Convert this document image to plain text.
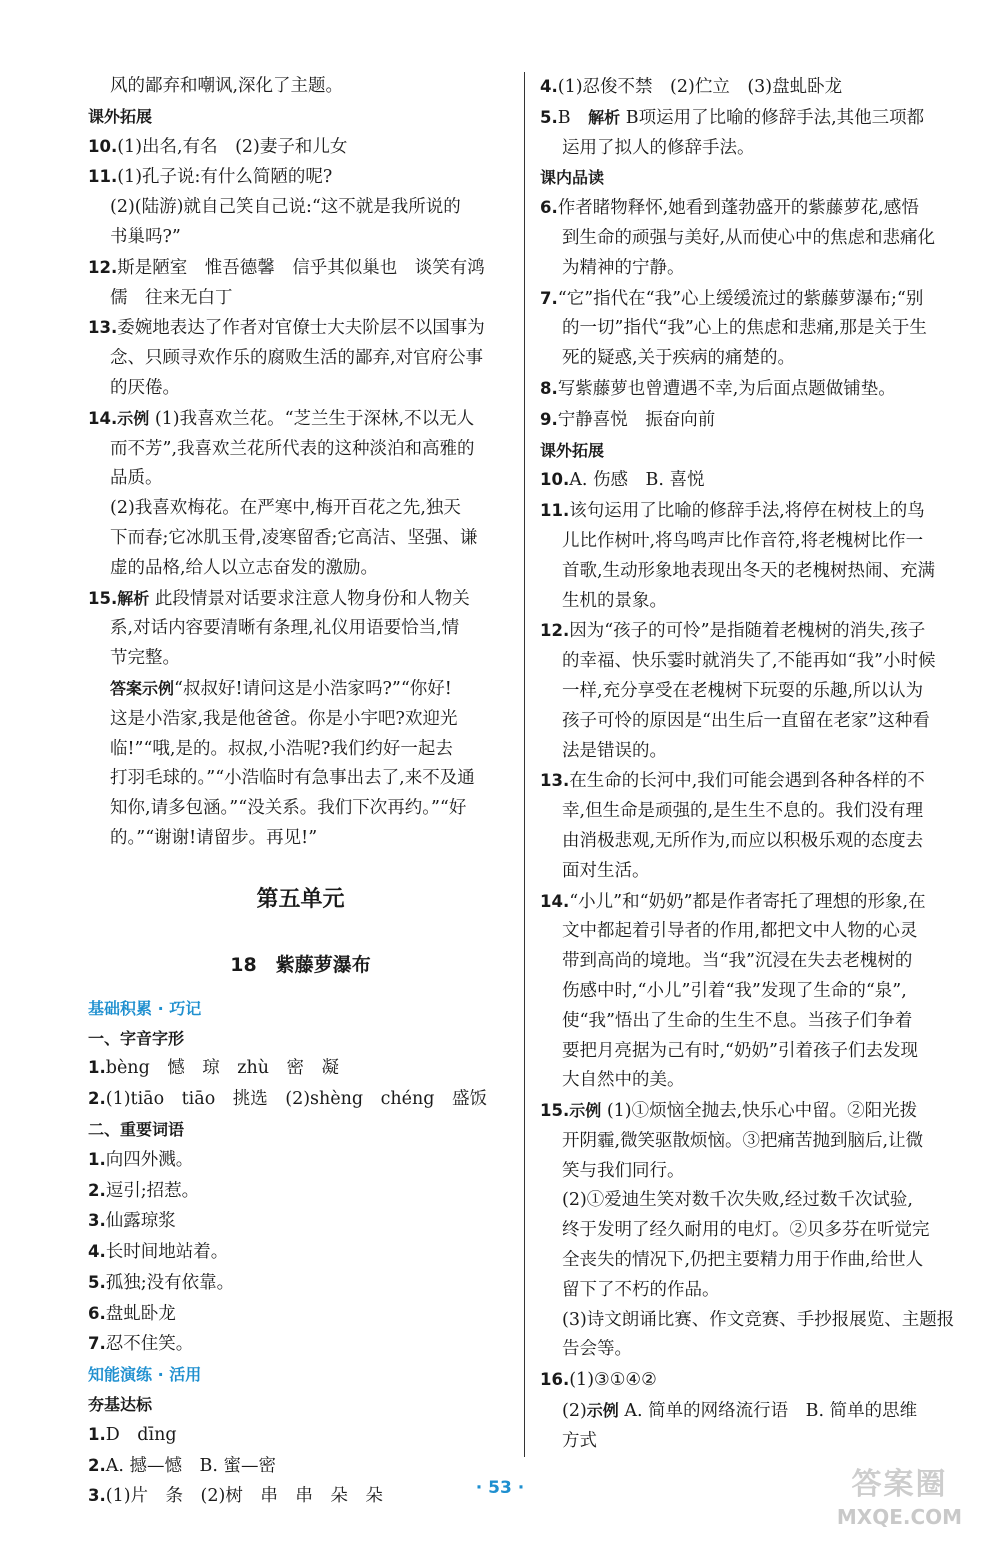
风的鄙弃和嘲讽,深化了主题。
课外拓展
10.(1)出名,有名　(2)妻子和儿女
11.(1)孔子说:有什么简陋的呢?
(2)(陆游)就自己笑自己说:“这不就是我所说的
书巢吗?”
12.斯是陋室　惟吾德馨　信乎其似巢也　谈笑有鸿
儒　往来无白丁
13.委婉地表达了作者对官僚士大夫阶层不以国事为
念、只顾寻欢作乐的腐败生活的鄙弃,对官府公事
的厌倦。
14.示例 (1)我喜欢兰花。“芝兰生于深林,不以无人
而不芳”,我喜欢兰花所代表的这种淡泊和高雅的
品质。
(2)我喜欢梅花。在严寒中,梅开百花之先,独天
下而春;它冰肌玉骨,凌寒留香;它高洁、坚强、谦
虚的品格,给人以立志奋发的激励。
15.解析 此段情景对话要求注意人物身份和人物关
系,对话内容要清晰有条理,礼仪用语要恰当,情
节完整。
答案示例“叔叔好!请问这是小浩家吗?”“你好!
这是小浩家,我是他爸爸。你是小宇吧?欢迎光
临!”“哦,是的。叔叔,小浩呢?我们约好一起去
打羽毛球的。”“小浩临时有急事出去了,来不及通
知你,请多包涵。”“没关系。我们下次再约。”“好
的。”“谢谢!请留步。再见!”
第五单元
18　紫藤萝瀑布
基础积累 · 巧记
一、字音字形
1.bèng　憾　琼　zhù　密　凝
2.(1)tiāo　tiāo　挑选　(2)shèng　chéng　盛饭
二、重要词语
1.向四外溅。
2.逗引;招惹。
3.仙露琼浆
4.长时间地站着。
5.孤独;没有依靠。
6.盘虬卧龙
7.忍不住笑。
知能演练 · 活用
夯基达标
1.D　dīng
2.A. 撼—憾　B. 蜜—密
3.(1)片　条　(2)树　串　串　朵　朵
4.(1)忍俊不禁　(2)伫立　(3)盘虬卧龙
5.B　解析 B项运用了比喻的修辞手法,其他三项都
运用了拟人的修辞手法。
课内品读
6.作者睹物释怀,她看到蓬勃盛开的紫藤萝花,感悟
到生命的顽强与美好,从而使心中的焦虑和悲痛化
为精神的宁静。
7.“它”指代在“我”心上缓缓流过的紫藤萝瀑布;“别
的一切”指代“我”心上的焦虑和悲痛,那是关于生
死的疑惑,关于疾病的痛楚的。
8.写紫藤萝也曾遭遇不幸,为后面点题做铺垫。
9.宁静喜悦　振奋向前
课外拓展
10.A. 伤感　B. 喜悦
11.该句运用了比喻的修辞手法,将停在树枝上的鸟
儿比作树叶,将鸟鸣声比作音符,将老槐树比作一
首歌,生动形象地表现出冬天的老槐树热闹、充满
生机的景象。
12.因为“孩子的可怜”是指随着老槐树的消失,孩子
的幸福、快乐霎时就消失了,不能再如“我”小时候
一样,充分享受在老槐树下玩耍的乐趣,所以认为
孩子可怜的原因是“出生后一直留在老家”这种看
法是错误的。
13.在生命的长河中,我们可能会遇到各种各样的不
幸,但生命是顽强的,是生生不息的。我们没有理
由消极悲观,无所作为,而应以积极乐观的态度去
面对生活。
14.“小儿”和“奶奶”都是作者寄托了理想的形象,在
文中都起着引导者的作用,都把文中人物的心灵
带到高尚的境地。当“我”沉浸在失去老槐树的
伤感中时,“小儿”引着“我”发现了生命的“泉”,
使“我”悟出了生命的生生不息。当孩子们争着
要把月亮据为己有时,“奶奶”引着孩子们去发现
大自然中的美。
15.示例 (1)①烦恼全抛去,快乐心中留。②阳光拨
开阴霾,微笑驱散烦恼。③把痛苦抛到脑后,让微
笑与我们同行。
(2)①爱迪生笑对数千次失败,经过数千次试验,
终于发明了经久耐用的电灯。②贝多芬在听觉完
全丧失的情况下,仍把主要精力用于作曲,给世人
留下了不朽的作品。
(3)诗文朗诵比赛、作文竞赛、手抄报展览、主题报
告会等。
16.(1)③①④②
(2)示例 A. 简单的网络流行语　B. 简单的思维
方式
· 53 ·	答案圈
MXQE.COM
